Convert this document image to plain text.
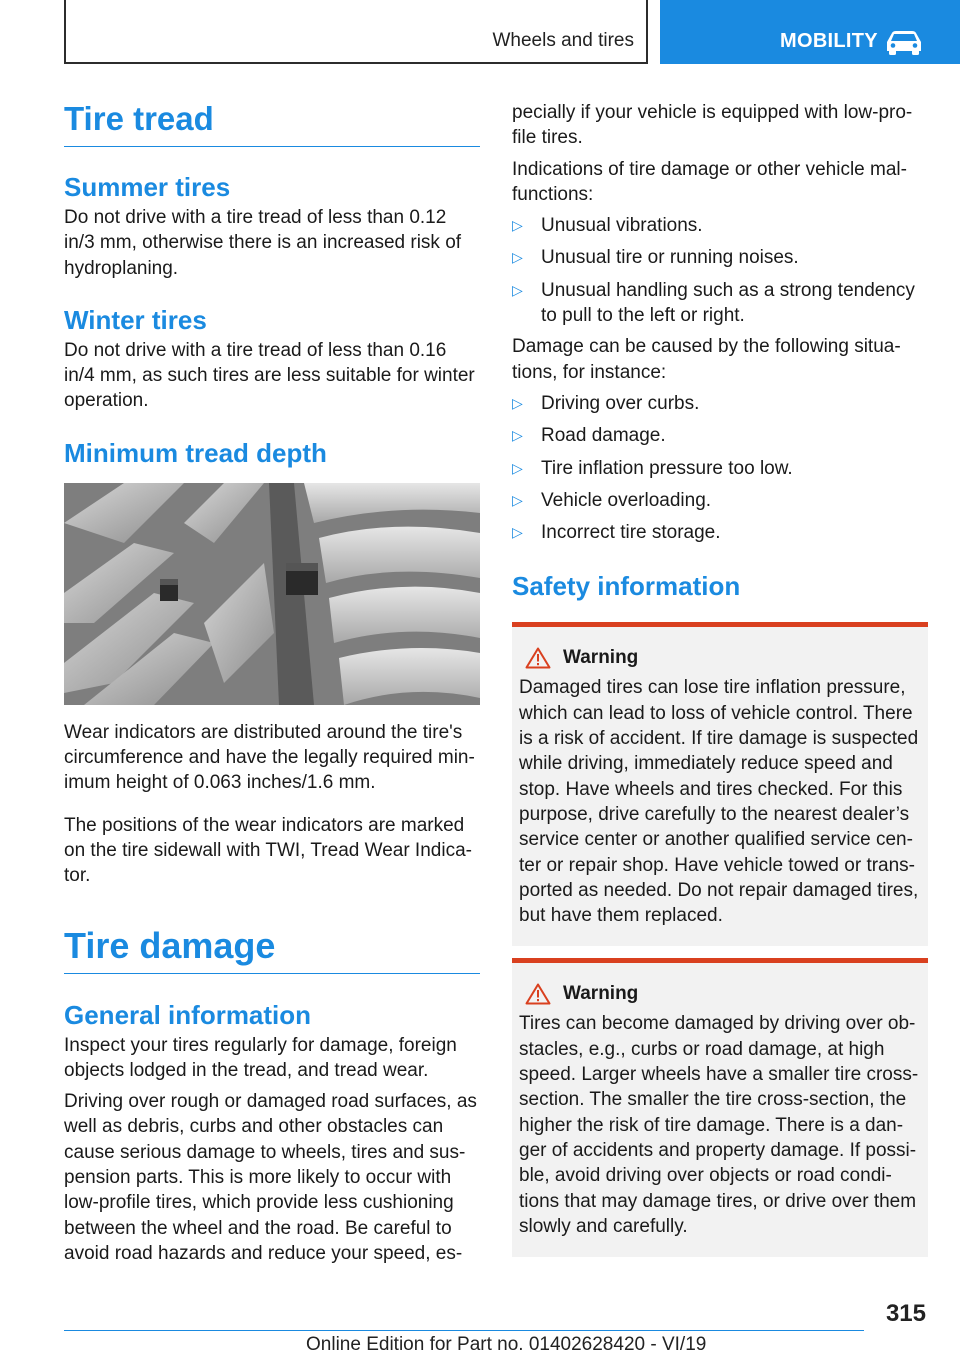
Wheels and tires	MOBILITY
Tire tread
Summer tires

Do not drive with a tire tread of less than 0.12 in/3 mm, otherwise there is an increased risk of hydroplaning.

Winter tires

Do not drive with a tire tread of less than 0.16 in/4 mm, as such tires are less suitable for winter operation.

Minimum tread depth

Wear indicators are distributed around the tire's circumference and have the legally required min-imum height of 0.063 inches/1.6 mm.

The positions of the wear indicators are marked on the tire sidewall with TWI, Tread Wear Indica-tor.

Tire damage
General information

Inspect your tires regularly for damage, foreign objects lodged in the tread, and tread wear.

Driving over rough or damaged road surfaces, as well as debris, curbs and other obstacles can cause serious damage to wheels, tires and sus-pension parts. This is more likely to occur with low-profile tires, which provide less cushioning between the wheel and the road. Be careful to avoid road hazards and reduce your speed, es-

pecially if your vehicle is equipped with low-pro-file tires.

Indications of tire damage or other vehicle mal-functions:

▷ Unusual vibrations.
▷ Unusual tire or running noises.
▷ Unusual handling such as a strong tendency to pull to the left or right.

Damage can be caused by the following situa-tions, for instance:

▷ Driving over curbs.
▷ Road damage.
▷ Tire inflation pressure too low.
▷ Vehicle overloading.
▷ Incorrect tire storage.
Safety information
Warning

Damaged tires can lose tire inflation pressure, which can lead to loss of vehicle control. There is a risk of accident. If tire damage is suspected while driving, immediately reduce speed and stop. Have wheels and tires checked. For this purpose, drive carefully to the nearest dealer’s service center or another qualified service cen-ter or repair shop. Have vehicle towed or trans-ported as needed. Do not repair damaged tires, but have them replaced.

Warning

Tires can become damaged by driving over ob-stacles, e.g., curbs or road damage, at high speed. Larger wheels have a smaller tire cross-section. The smaller the tire cross-section, the higher the risk of tire damage. There is a dan-ger of accidents and property damage. If possi-ble, avoid driving over objects or road condi-tions that may damage tires, or drive over them slowly and carefully.

315
Online Edition for Part no. 01402628420 - VI/19
